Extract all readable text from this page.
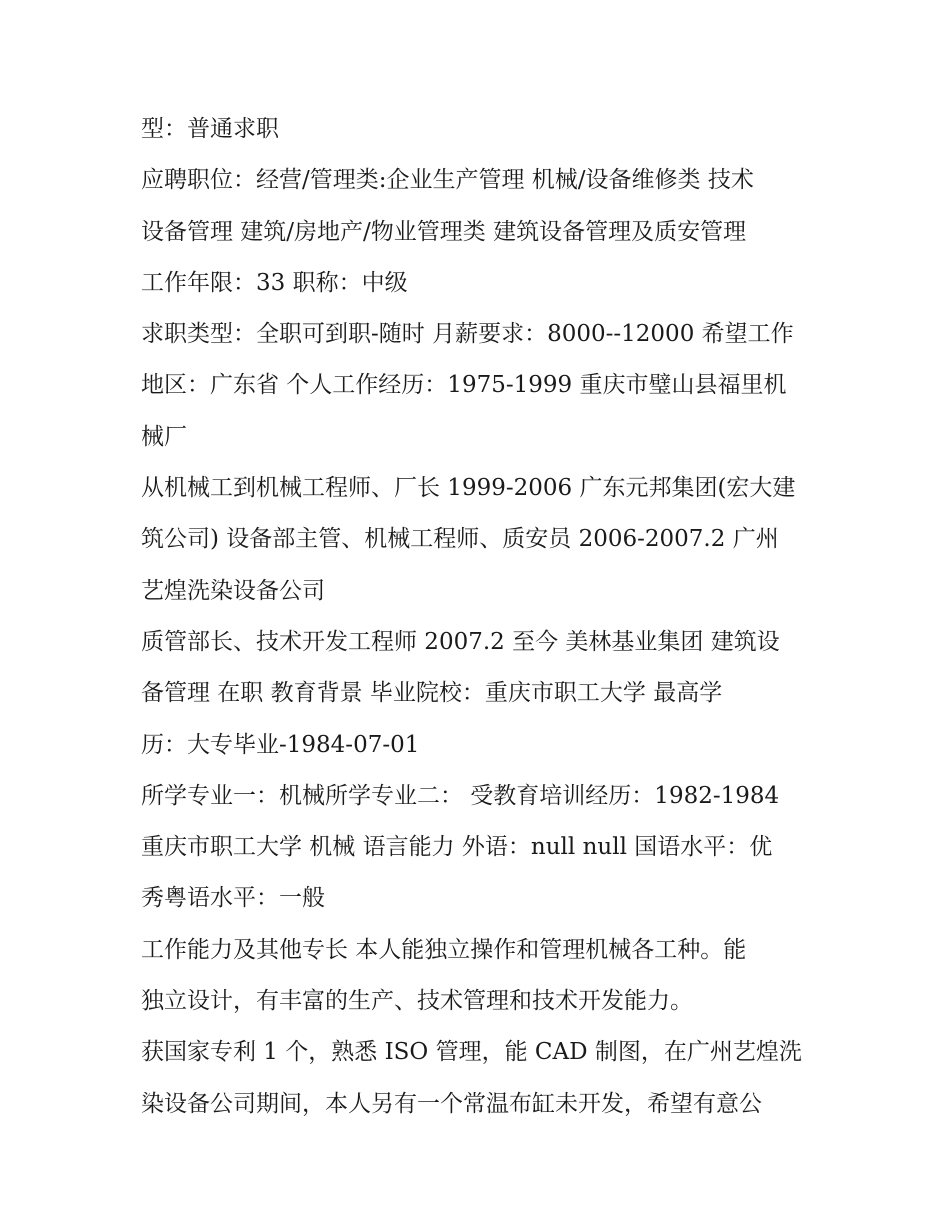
型：普通求职
应聘职位：经营/管理类:企业生产管理 机械/设备维修类 技术
设备管理 建筑/房地产/物业管理类 建筑设备管理及质安管理
工作年限：33 职称：中级
求职类型：全职可到职-随时 月薪要求：8000--12000 希望工作
地区：广东省 个人工作经历：1975-1999 重庆市璧山县福里机
械厂
从机械工到机械工程师、厂长 1999-2006 广东元邦集团(宏大建
筑公司) 设备部主管、机械工程师、质安员 2006-2007.2 广州
艺煌洗染设备公司
质管部长、技术开发工程师 2007.2 至今 美林基业集团 建筑设
备管理 在职 教育背景 毕业院校：重庆市职工大学 最高学
历：大专毕业-1984-07-01
所学专业一：机械所学专业二： 受教育培训经历：1982-1984
重庆市职工大学 机械 语言能力 外语：null null 国语水平：优
秀粤语水平：一般
工作能力及其他专长 本人能独立操作和管理机械各工种。能
独立设计，有丰富的生产、技术管理和技术开发能力。
获国家专利 1 个，熟悉 ISO 管理，能 CAD 制图，在广州艺煌洗
染设备公司期间，本人另有一个常温布缸未开发，希望有意公
